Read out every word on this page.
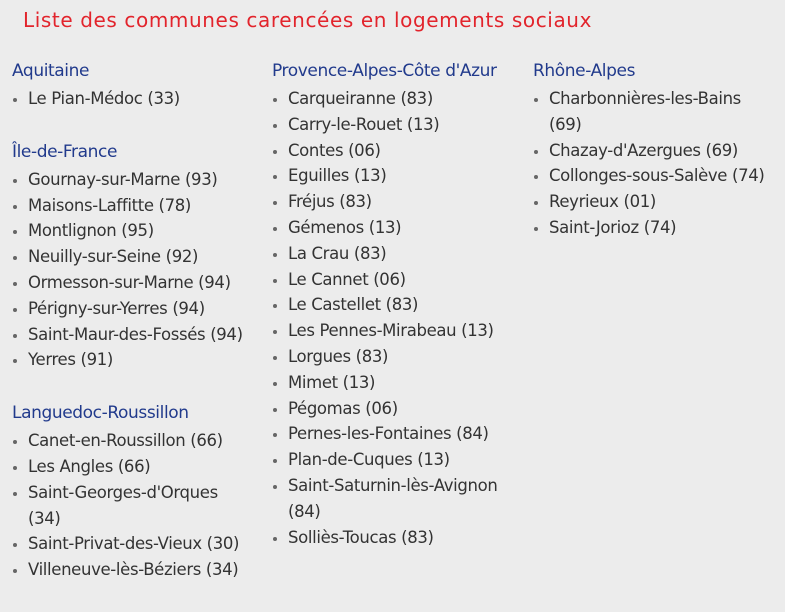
Liste des communes carencées en logements sociaux
Aquitaine
Le Pian-Médoc (33)
Île-de-France
Gournay-sur-Marne (93)
Maisons-Laffitte (78)
Montlignon (95)
Neuilly-sur-Seine (92)
Ormesson-sur-Marne (94)
Périgny-sur-Yerres (94)
Saint-Maur-des-Fossés (94)
Yerres (91)
Languedoc-Roussillon
Canet-en-Roussillon (66)
Les Angles (66)
Saint-Georges-d'Orques
(34)
Saint-Privat-des-Vieux (30)
Villeneuve-lès-Béziers (34)
Provence-Alpes-Côte d'Azur
Carqueiranne (83)
Carry-le-Rouet (13)
Contes (06)
Eguilles (13)
Fréjus (83)
Gémenos (13)
La Crau (83)
Le Cannet (06)
Le Castellet (83)
Les Pennes-Mirabeau (13)
Lorgues (83)
Mimet (13)
Pégomas (06)
Pernes-les-Fontaines (84)
Plan-de-Cuques (13)
Saint-Saturnin-lès-Avignon
(84)
Solliès-Toucas (83)
Rhône-Alpes
Charbonnières-les-Bains
(69)
Chazay-d'Azergues (69)
Collonges-sous-Salève (74)
Reyrieux (01)
Saint-Jorioz (74)
